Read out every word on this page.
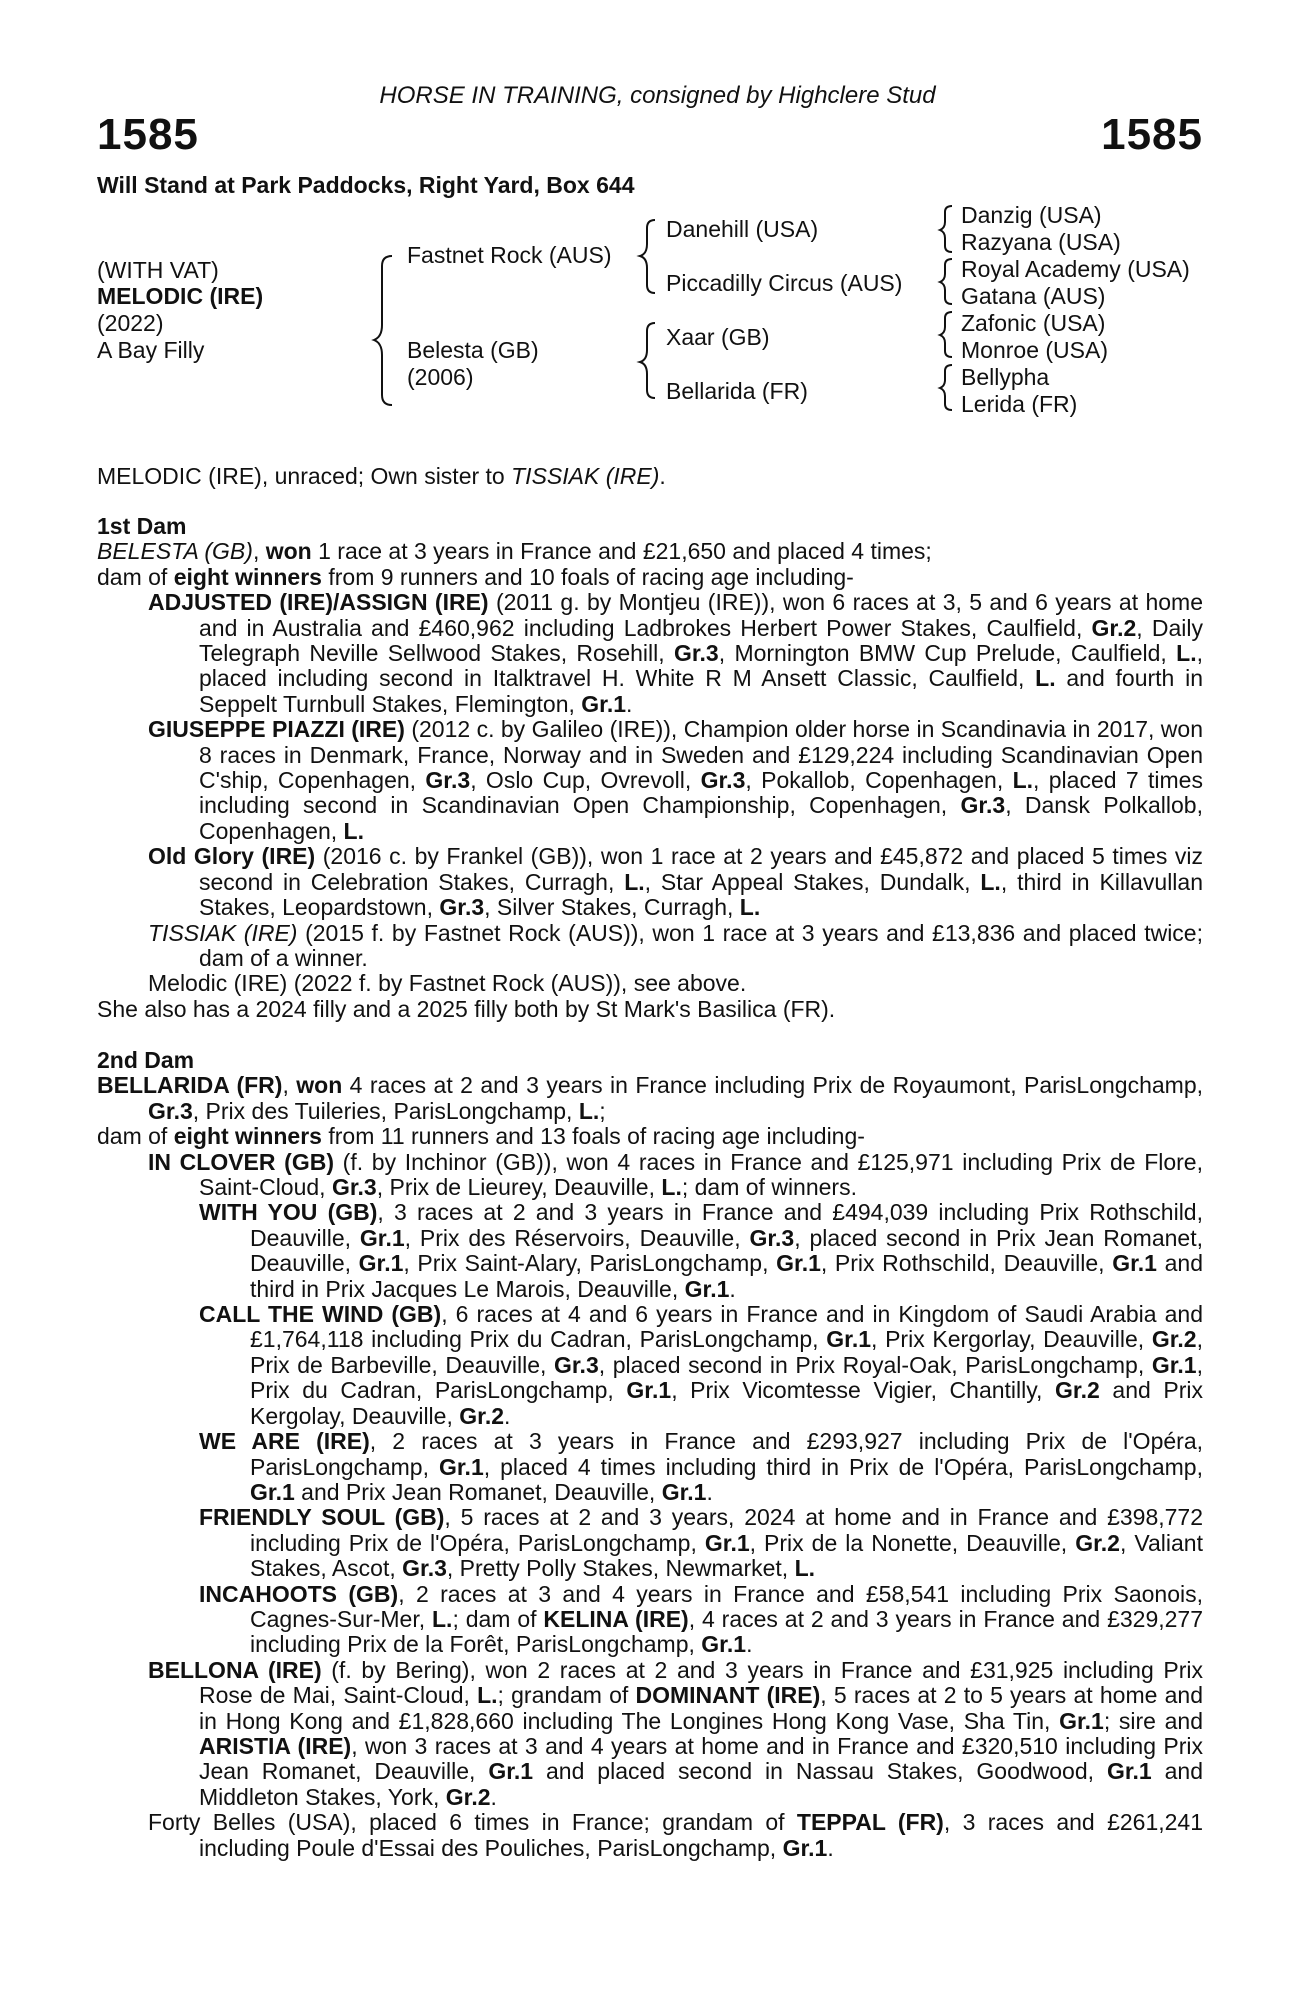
HORSE IN TRAINING, consigned by Highclere Stud
1585	1585
Will Stand at Park Paddocks, Right Yard, Box 644
(WITH VAT)
MELODIC (IRE)
(2022)
A Bay Filly
Fastnet Rock (AUS)
Belesta (GB)
(2006)
Danehill (USA)
Piccadilly Circus (AUS)
Xaar (GB)
Bellarida (FR)
Danzig (USA)
Razyana (USA)
Royal Academy (USA)
Gatana (AUS)
Zafonic (USA)
Monroe (USA)
Bellypha
Lerida (FR)
MELODIC (IRE), unraced; Own sister to TISSIAK (IRE).

1st Dam

BELESTA (GB), won 1 race at 3 years in France and £21,650 and placed 4 times;

dam of eight winners from 9 runners and 10 foals of racing age including-

ADJUSTED (IRE)/ASSIGN (IRE) (2011 g. by Montjeu (IRE)), won 6 races at 3, 5 and 6 years at home and in Australia and £460,962 including Ladbrokes Herbert Power Stakes, Caulfield, Gr.2, Daily Telegraph Neville Sellwood Stakes, Rosehill, Gr.3, Mornington BMW Cup Prelude, Caulfield, L., placed including second in Italktravel H. White R M Ansett Classic, Caulfield, L. and fourth in Seppelt Turnbull Stakes, Flemington, Gr.1.

GIUSEPPE PIAZZI (IRE) (2012 c. by Galileo (IRE)), Champion older horse in Scandinavia in 2017, won 8 races in Denmark, France, Norway and in Sweden and £129,224 including Scandinavian Open C'ship, Copenhagen, Gr.3, Oslo Cup, Ovrevoll, Gr.3, Pokallob, Copenhagen, L., placed 7 times including second in Scandinavian Open Championship, Copenhagen, Gr.3, Dansk Polkallob, Copenhagen, L.

Old Glory (IRE) (2016 c. by Frankel (GB)), won 1 race at 2 years and £45,872 and placed 5 times viz second in Celebration Stakes, Curragh, L., Star Appeal Stakes, Dundalk, L., third in Killavullan Stakes, Leopardstown, Gr.3, Silver Stakes, Curragh, L.

TISSIAK (IRE) (2015 f. by Fastnet Rock (AUS)), won 1 race at 3 years and £13,836 and placed twice; dam of a winner.

Melodic (IRE) (2022 f. by Fastnet Rock (AUS)), see above.

She also has a 2024 filly and a 2025 filly both by St Mark's Basilica (FR).

2nd Dam

BELLARIDA (FR), won 4 races at 2 and 3 years in France including Prix de Royaumont, ParisLongchamp, Gr.3, Prix des Tuileries, ParisLongchamp, L.;

dam of eight winners from 11 runners and 13 foals of racing age including-

IN CLOVER (GB) (f. by Inchinor (GB)), won 4 races in France and £125,971 including Prix de Flore, Saint-Cloud, Gr.3, Prix de Lieurey, Deauville, L.; dam of winners.

WITH YOU (GB), 3 races at 2 and 3 years in France and £494,039 including Prix Rothschild, Deauville, Gr.1, Prix des Réservoirs, Deauville, Gr.3, placed second in Prix Jean Romanet, Deauville, Gr.1, Prix Saint-Alary, ParisLongchamp, Gr.1, Prix Rothschild, Deauville, Gr.1 and third in Prix Jacques Le Marois, Deauville, Gr.1.

CALL THE WIND (GB), 6 races at 4 and 6 years in France and in Kingdom of Saudi Arabia and £1,764,118 including Prix du Cadran, ParisLongchamp, Gr.1, Prix Kergorlay, Deauville, Gr.2, Prix de Barbeville, Deauville, Gr.3, placed second in Prix Royal-Oak, ParisLongchamp, Gr.1, Prix du Cadran, ParisLongchamp, Gr.1, Prix Vicomtesse Vigier, Chantilly, Gr.2 and Prix Kergolay, Deauville, Gr.2.

WE ARE (IRE), 2 races at 3 years in France and £293,927 including Prix de l'Opéra, ParisLongchamp, Gr.1, placed 4 times including third in Prix de l'Opéra, ParisLongchamp, Gr.1 and Prix Jean Romanet, Deauville, Gr.1.

FRIENDLY SOUL (GB), 5 races at 2 and 3 years, 2024 at home and in France and £398,772 including Prix de l'Opéra, ParisLongchamp, Gr.1, Prix de la Nonette, Deauville, Gr.2, Valiant Stakes, Ascot, Gr.3, Pretty Polly Stakes, Newmarket, L.

INCAHOOTS (GB), 2 races at 3 and 4 years in France and £58,541 including Prix Saonois, Cagnes-Sur-Mer, L.; dam of KELINA (IRE), 4 races at 2 and 3 years in France and £329,277 including Prix de la Forêt, ParisLongchamp, Gr.1.

BELLONA (IRE) (f. by Bering), won 2 races at 2 and 3 years in France and £31,925 including Prix Rose de Mai, Saint-Cloud, L.; grandam of DOMINANT (IRE), 5 races at 2 to 5 years at home and in Hong Kong and £1,828,660 including The Longines Hong Kong Vase, Sha Tin, Gr.1; sire and ARISTIA (IRE), won 3 races at 3 and 4 years at home and in France and £320,510 including Prix Jean Romanet, Deauville, Gr.1 and placed second in Nassau Stakes, Goodwood, Gr.1 and Middleton Stakes, York, Gr.2.

Forty Belles (USA), placed 6 times in France; grandam of TEPPAL (FR), 3 races and £261,241 including Poule d'Essai des Pouliches, ParisLongchamp, Gr.1.
